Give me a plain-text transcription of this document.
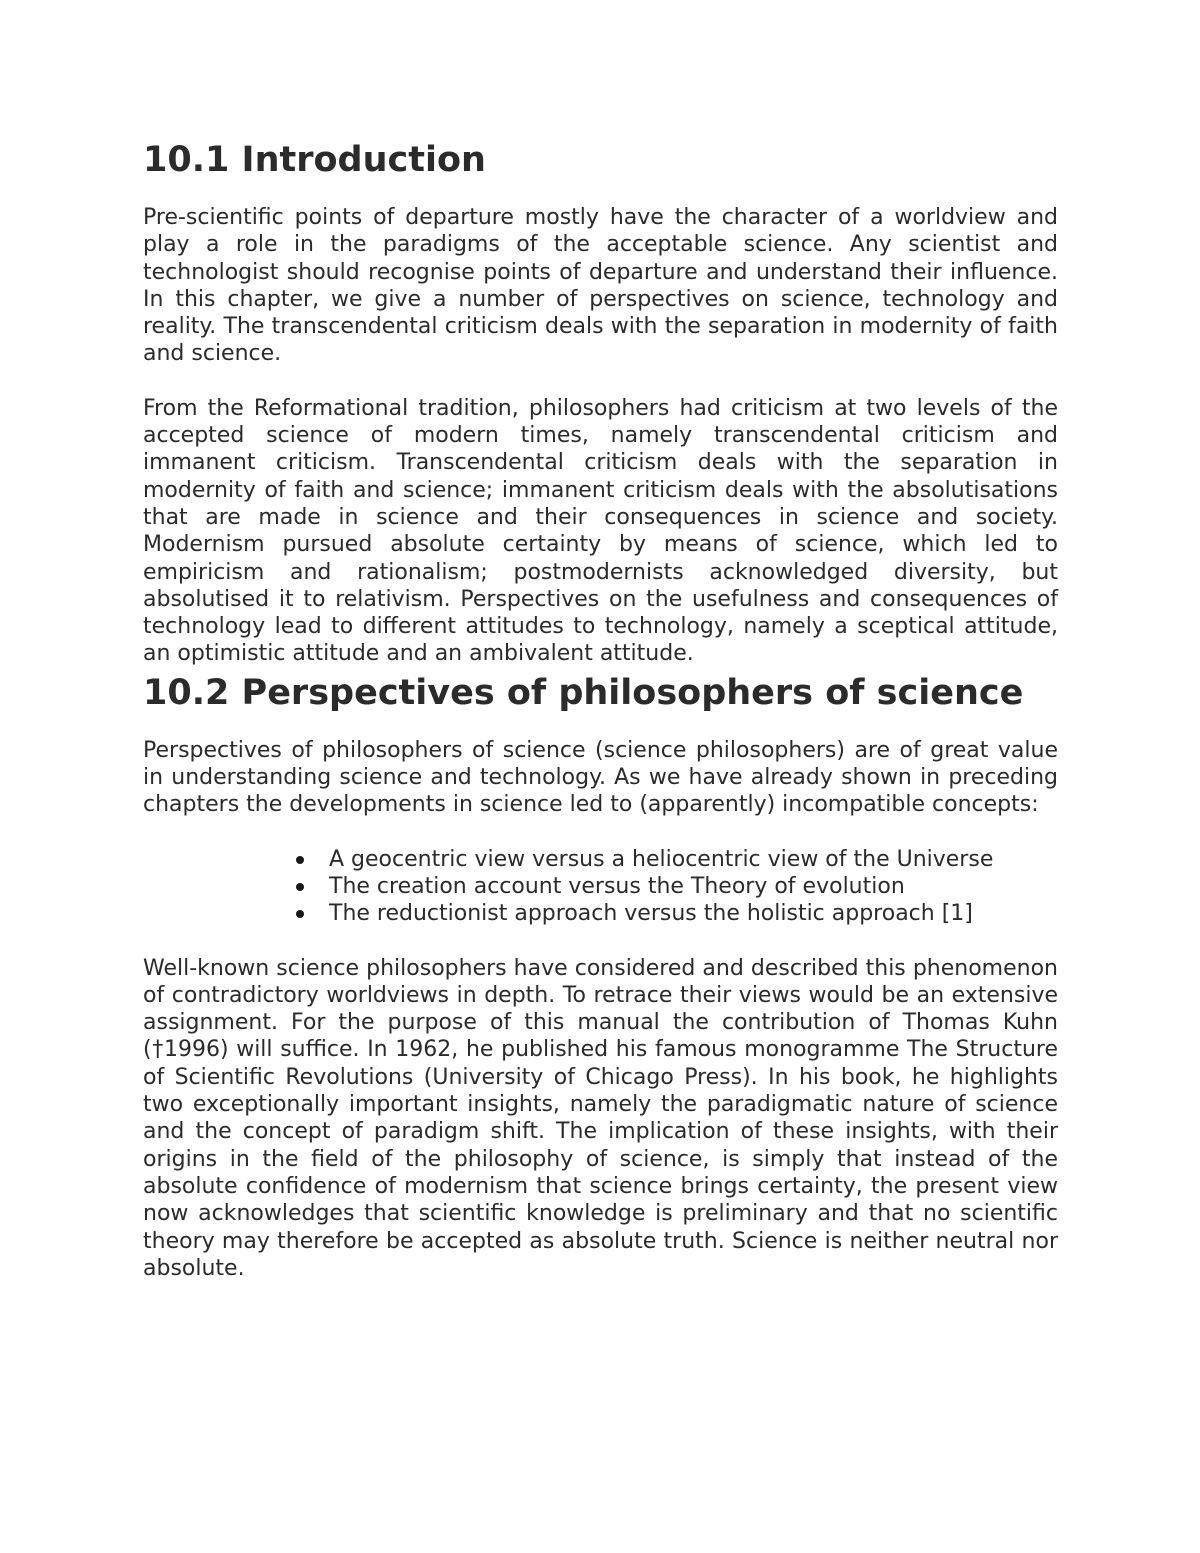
10.1 Introduction

Pre-scientific points of departure mostly have the character of a worldview and play a role in the paradigms of the acceptable science. Any scientist and technologist should recognise points of departure and understand their influence. In this chapter, we give a number of perspectives on science, technology and reality. The transcendental criticism deals with the separation in modernity of faith and science.

From the Reformational tradition, philosophers had criticism at two levels of the accepted science of modern times, namely transcendental criticism and immanent criticism. Transcendental criticism deals with the separation in modernity of faith and science; immanent criticism deals with the absolutisations that are made in science and their consequences in science and society. Modernism pursued absolute certainty by means of science, which led to empiricism and rationalism; postmodernists acknowledged diversity, but absolutised it to relativism. Perspectives on the usefulness and consequences of technology lead to different attitudes to technology, namely a sceptical attitude, an optimistic attitude and an ambivalent attitude.

10.2 Perspectives of philosophers of science

Perspectives of philosophers of science (science philosophers) are of great value in understanding science and technology. As we have already shown in preceding chapters the developments in science led to (apparently) incompatible concepts:

A geocentric view versus a heliocentric view of the Universe
The creation account versus the Theory of evolution
The reductionist approach versus the holistic approach [1]

Well-known science philosophers have considered and described this phenomenon of contradictory worldviews in depth. To retrace their views would be an extensive assignment. For the purpose of this manual the contribution of Thomas Kuhn (†1996) will suffice. In 1962, he published his famous monogramme The Structure of Scientific Revolutions (University of Chicago Press). In his book, he highlights two exceptionally important insights, namely the paradigmatic nature of science and the concept of paradigm shift. The implication of these insights, with their origins in the field of the philosophy of science, is simply that instead of the absolute confidence of modernism that science brings certainty, the present view now acknowledges that scientific knowledge is preliminary and that no scientific theory may therefore be accepted as absolute truth. Science is neither neutral nor absolute.
